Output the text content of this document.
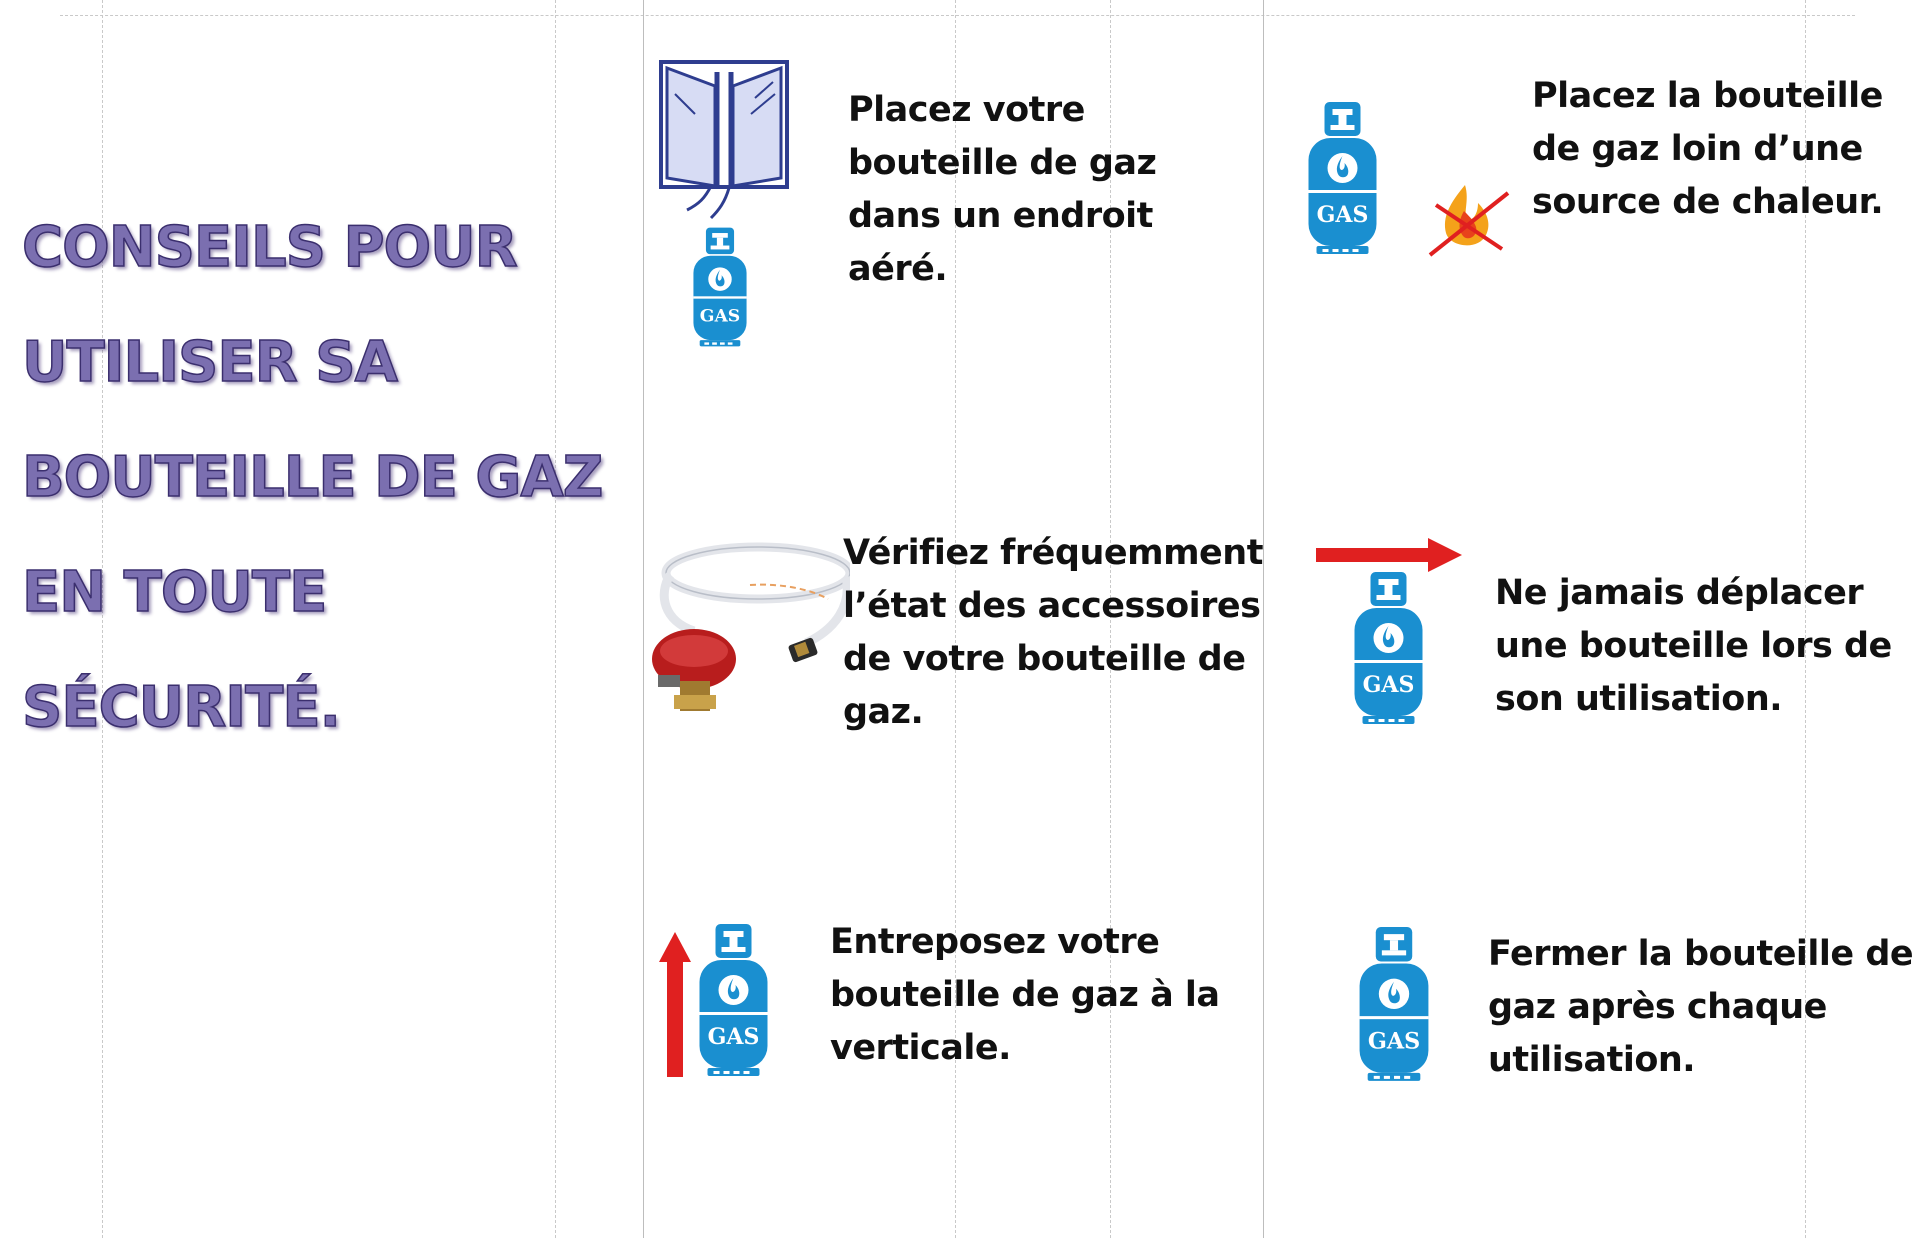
CONSEILS POUR
UTILISER SA
BOUTEILLE DE GAZ
EN TOUTE
SÉCURITÉ.
Placez votre
bouteille de gaz
dans un endroit
aéré.
Placez la bouteille
de gaz loin d’une
source de chaleur.
Vérifiez fréquemment
l’état des accessoires
de votre bouteille de
gaz.
Ne jamais déplacer
une bouteille lors de
son utilisation.
Entreposez votre
bouteille de gaz à la
verticale.
Fermer la bouteille de
gaz après chaque
utilisation.
